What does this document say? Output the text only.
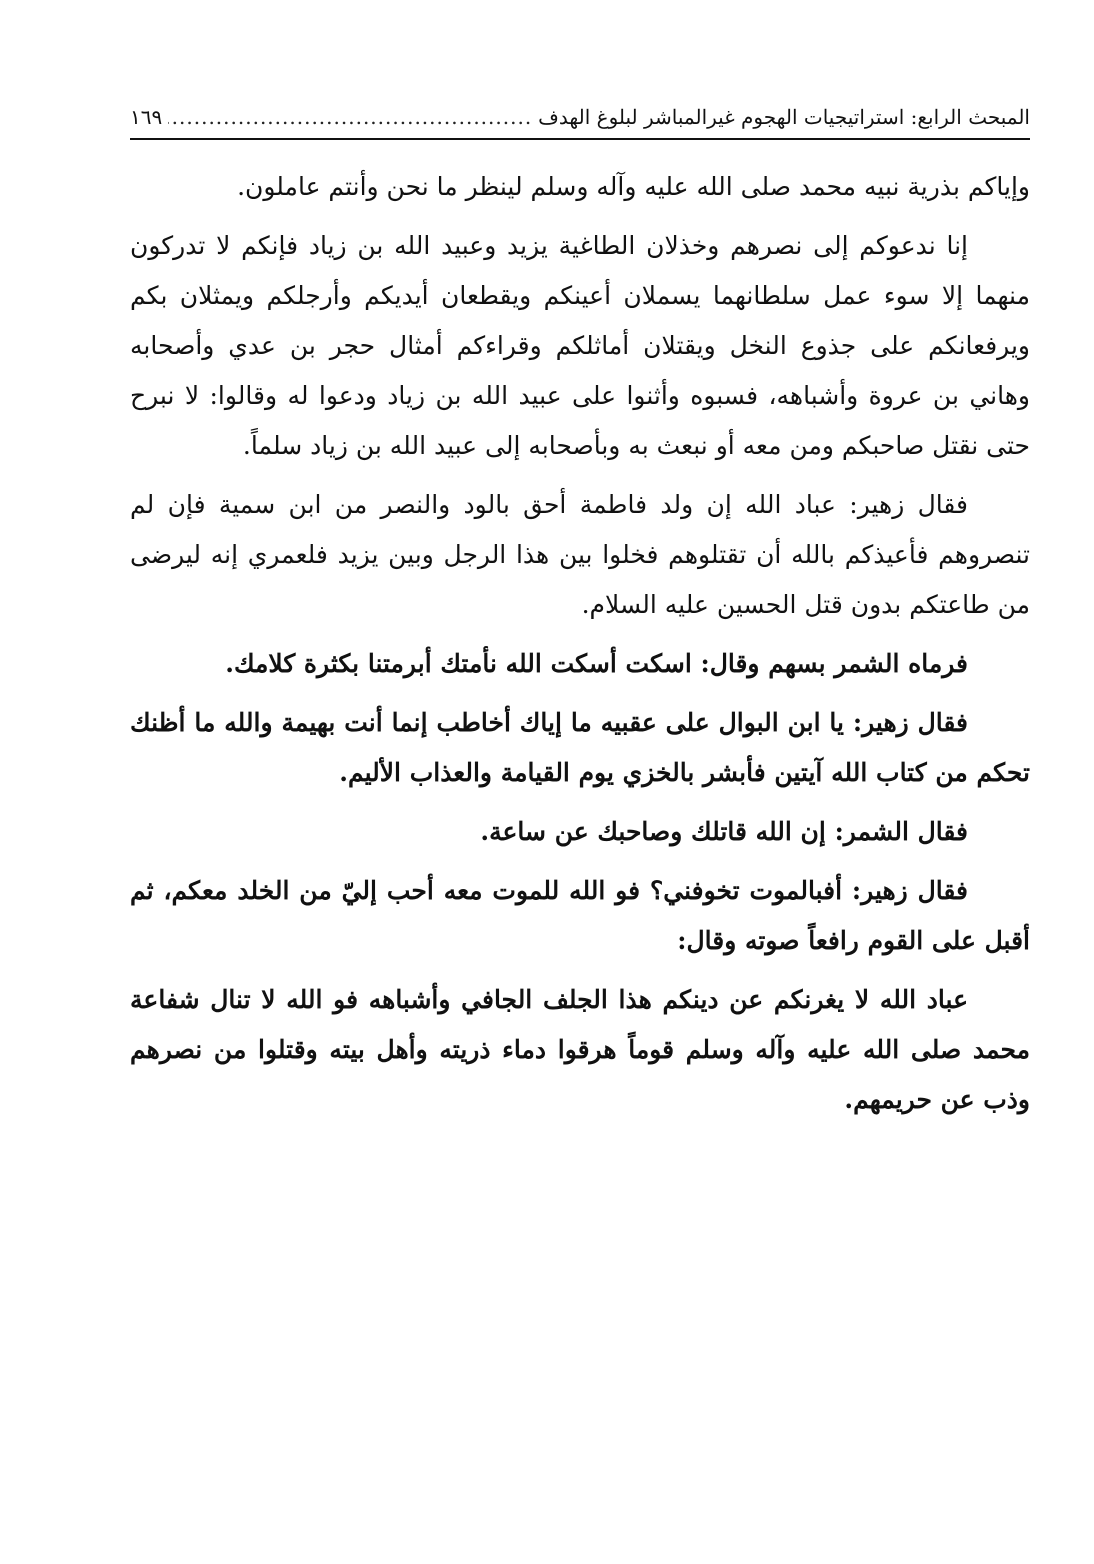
المبحث الرابع: استراتيجيات الهجوم غيرالمباشر لبلوغ الهدف
.....
١٦٩

وإياكم بذرية نبيه محمد صلى الله عليه وآله وسلم لينظر ما نحن وأنتم عاملون.

إنا ندعوكم إلى نصرهم وخذلان الطاغية يزيد وعبيد الله بن زياد فإنكم لا تدركون منهما إلا سوء عمل سلطانهما يسملان أعينكم ويقطعان أيديكم وأرجلكم ويمثلان بكم ويرفعانكم على جذوع النخل ويقتلان أماثلكم وقراءكم أمثال حجر بن عدي وأصحابه وهاني بن عروة وأشباهه، فسبوه وأثنوا على عبيد الله بن زياد ودعوا له وقالوا: لا نبرح حتى نقتل صاحبكم ومن معه أو نبعث به وبأصحابه إلى عبيد الله بن زياد سلماً.

فقال زهير: عباد الله إن ولد فاطمة أحق بالود والنصر من ابن سمية فإن لم تنصروهم فأعيذكم بالله أن تقتلوهم فخلوا بين هذا الرجل وبين يزيد فلعمري إنه ليرضى من طاعتكم بدون قتل الحسين عليه السلام.

فرماه الشمر بسهم وقال: اسكت أسكت الله نأمتك أبرمتنا بكثرة كلامك.

فقال زهير: يا ابن البوال على عقبيه ما إياك أخاطب إنما أنت بهيمة والله ما أظنك تحكم من كتاب الله آيتين فأبشر بالخزي يوم القيامة والعذاب الأليم.

فقال الشمر: إن الله قاتلك وصاحبك عن ساعة.

فقال زهير: أفبالموت تخوفني؟ فو الله للموت معه أحب إليّ من الخلد معكم، ثم أقبل على القوم رافعاً صوته وقال:

عباد الله لا يغرنكم عن دينكم هذا الجلف الجافي وأشباهه فو الله لا تنال شفاعة محمد صلى الله عليه وآله وسلم قوماً هرقوا دماء ذريته وأهل بيته وقتلوا من نصرهم وذب عن حريمهم.
